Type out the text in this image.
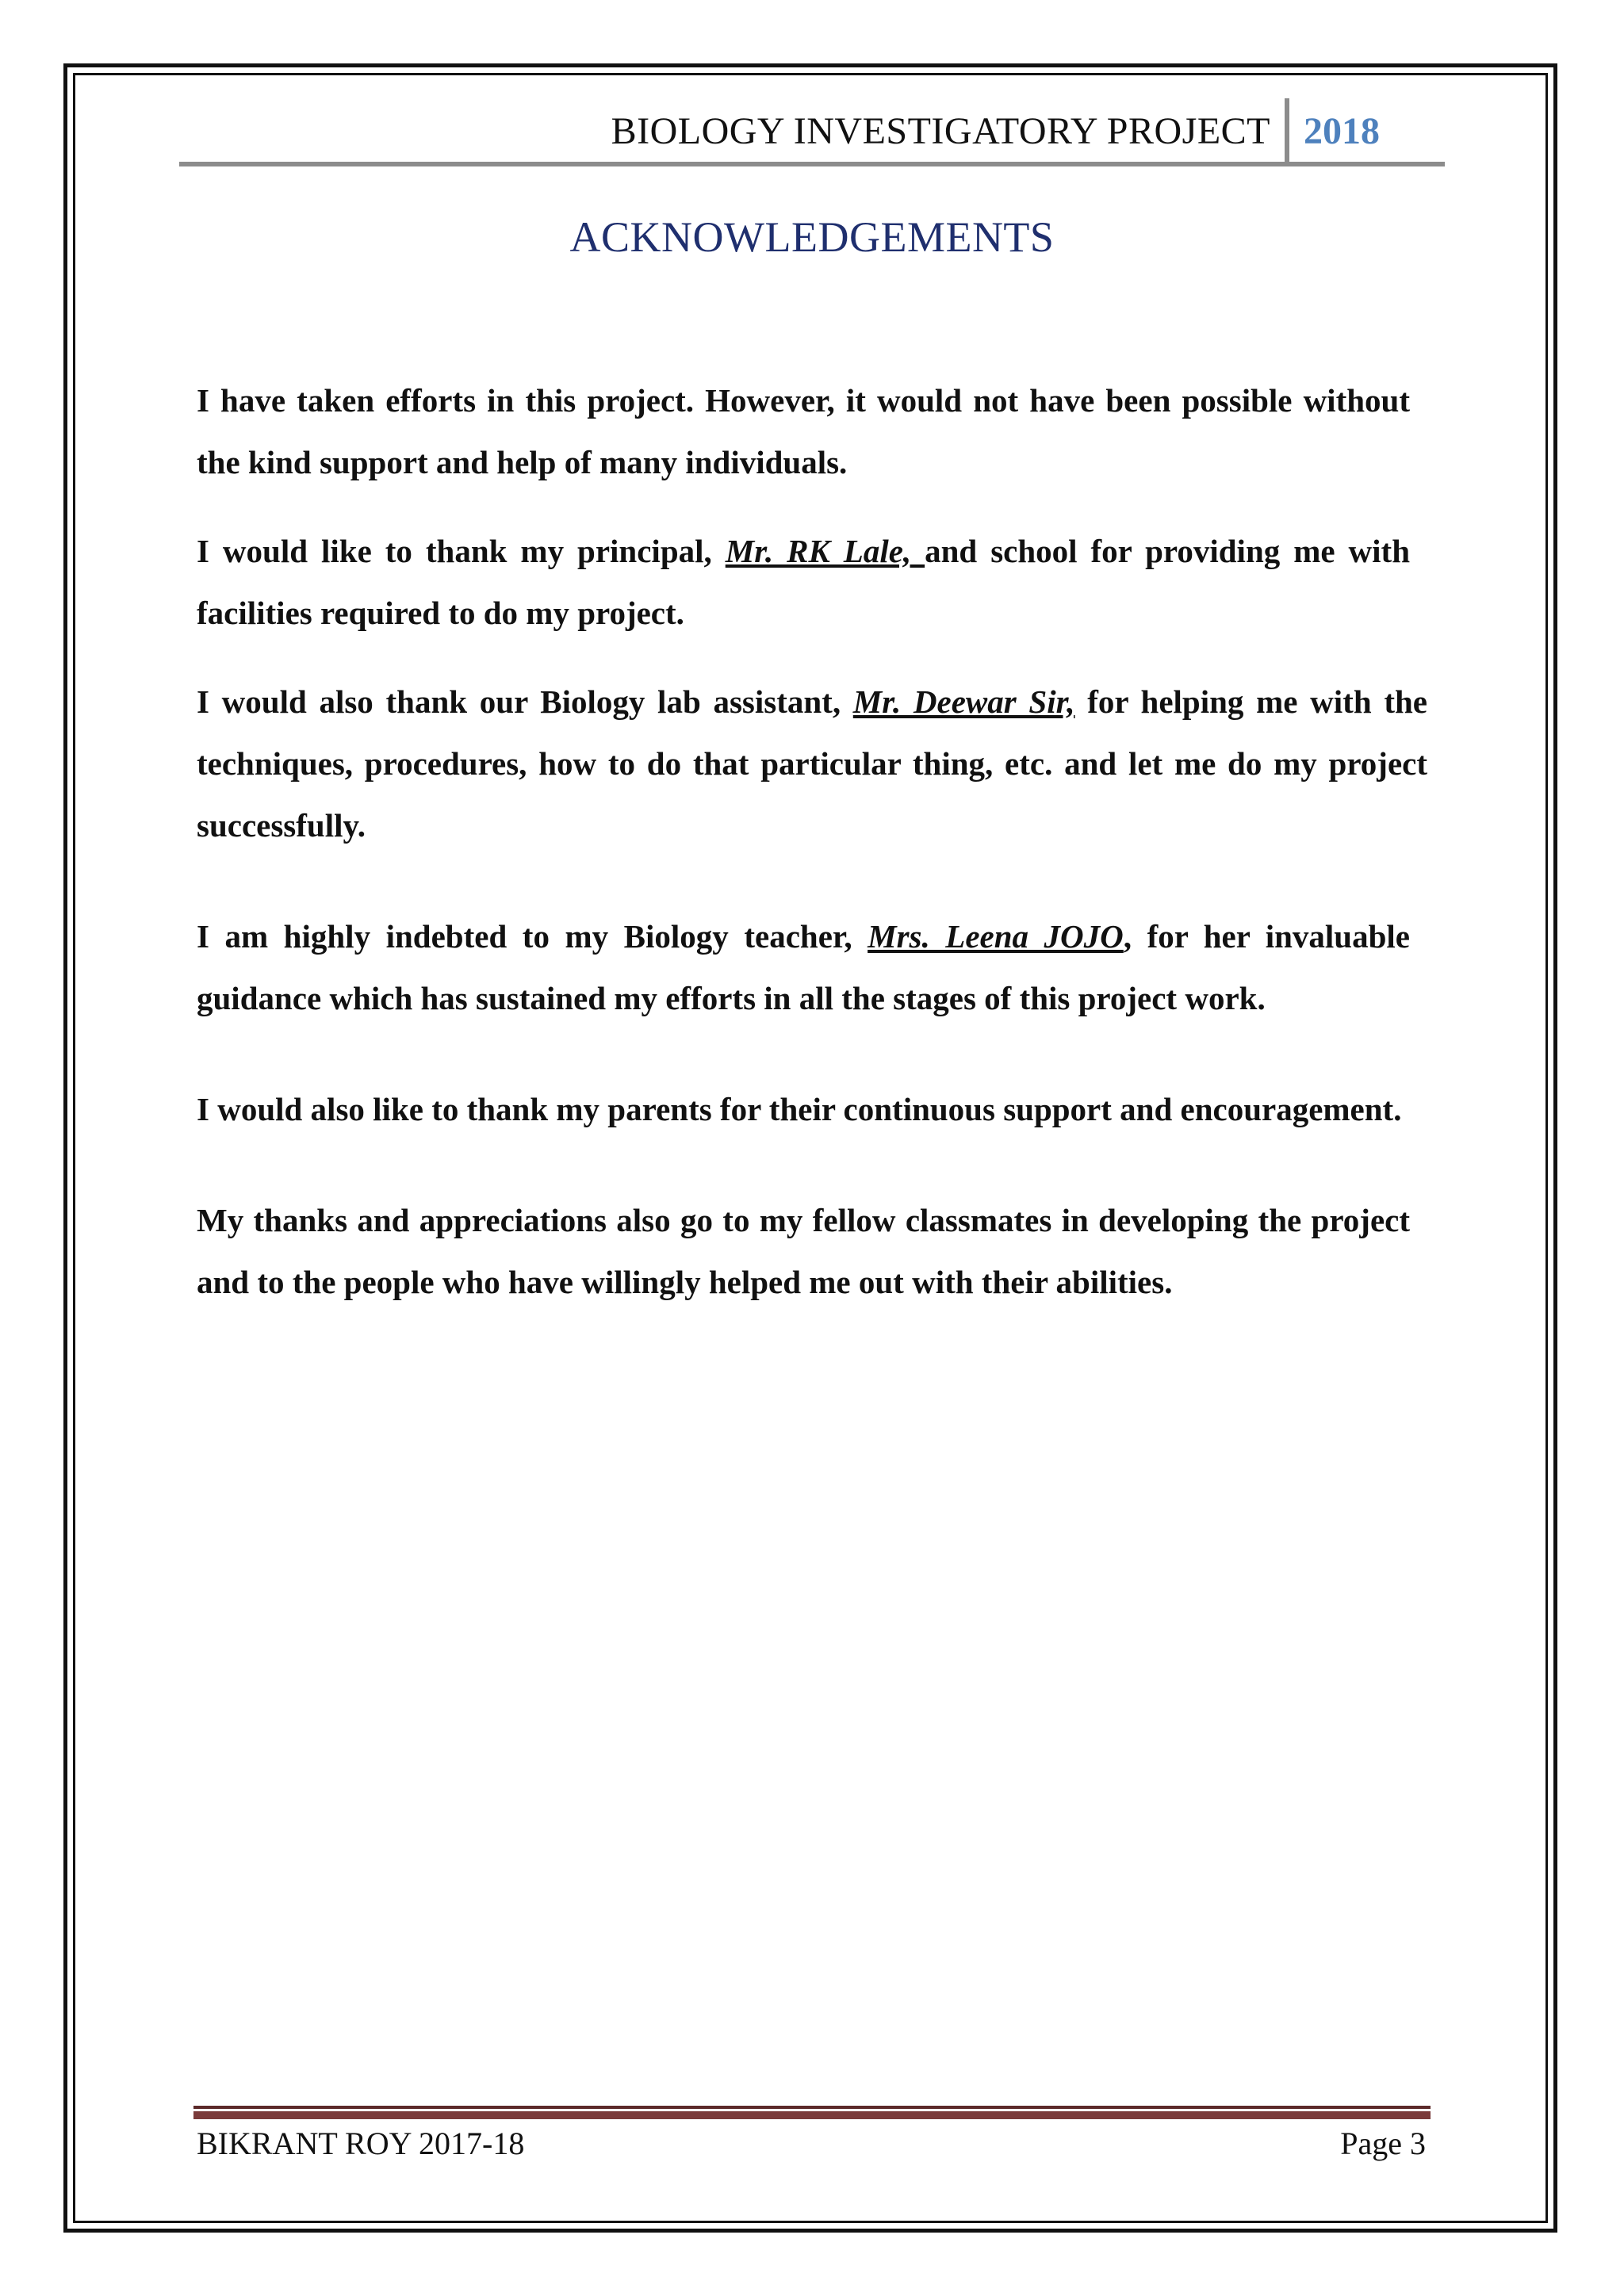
BIOLOGY INVESTIGATORY PROJECT 2018
ACKNOWLEDGEMENTS

I have taken efforts in this project. However, it would not have been possible without the kind support and help of many individuals.

I would like to thank my principal, Mr. RK Lale, and school for providing me with facilities required to do my project.

I would also thank our Biology lab assistant, Mr. Deewar Sir, for helping me with the techniques, procedures, how to do that particular thing, etc. and let me do my project successfully.

I am highly indebted to my Biology teacher, Mrs. Leena JOJO, for her invaluable guidance which has sustained my efforts in all the stages of this project work.

I would also like to thank my parents for their continuous support and encouragement.

My thanks and appreciations also go to my fellow classmates in developing the project and to the people who have willingly helped me out with their abilities.

BIKRANT ROY 2017-18	Page 3
